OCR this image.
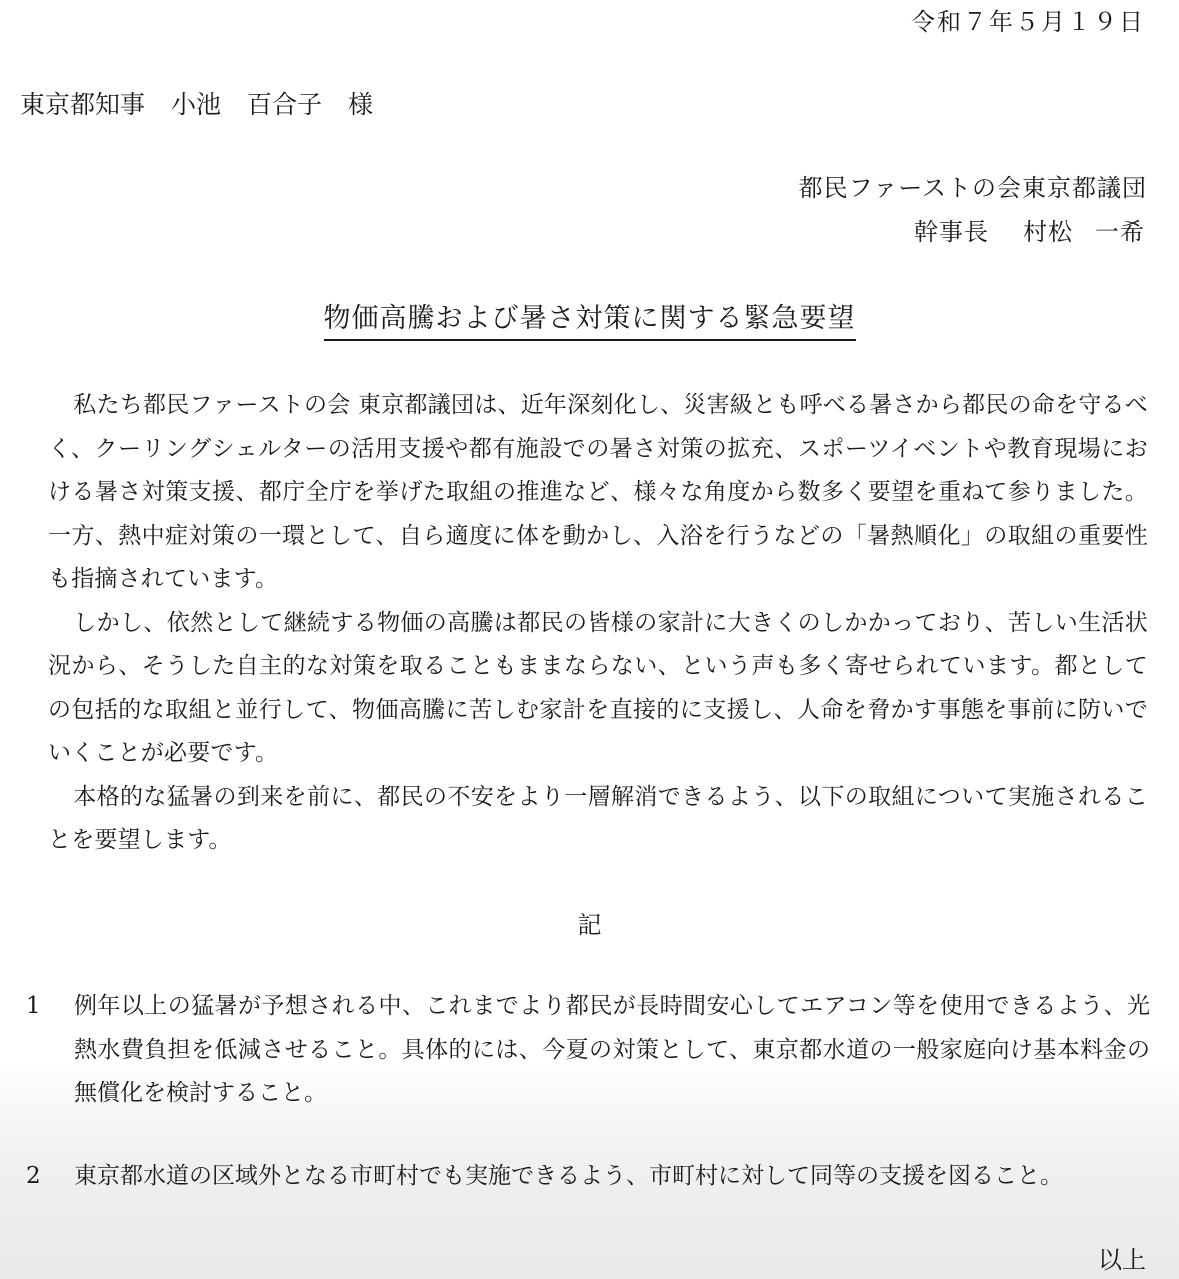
令和７年５月１９日
東京都知事 小池 百合子 様
都民ファーストの会東京都議団
幹事長 村松 一希
物価高騰および暑さ対策に関する緊急要望

私たち都民ファーストの会 東京都議団は、近年深刻化し、災害級とも呼べる暑さから都民の命を守るべく、クーリングシェルターの活用支援や都有施設での暑さ対策の拡充、スポーツイベントや教育現場における暑さ対策支援、都庁全庁を挙げた取組の推進など、様々な角度から数多く要望を重ねて参りました。一方、熱中症対策の一環として、自ら適度に体を動かし、入浴を行うなどの「暑熱順化」の取組の重要性も指摘されています。

しかし、依然として継続する物価の高騰は都民の皆様の家計に大きくのしかかっており、苦しい生活状況から、そうした自主的な対策を取ることもままならない、という声も多く寄せられています。都としての包括的な取組と並行して、物価高騰に苦しむ家計を直接的に支援し、人命を脅かす事態を事前に防いでいくことが必要です。

本格的な猛暑の到来を前に、都民の不安をより一層解消できるよう、以下の取組について実施されることを要望します。

記
1	例年以上の猛暑が予想される中、これまでより都民が長時間安心してエアコン等を使用できるよう、光熱水費負担を低減させること。具体的には、今夏の対策として、東京都水道の一般家庭向け基本料金の無償化を検討すること。
2	東京都水道の区域外となる市町村でも実施できるよう、市町村に対して同等の支援を図ること。
以上
